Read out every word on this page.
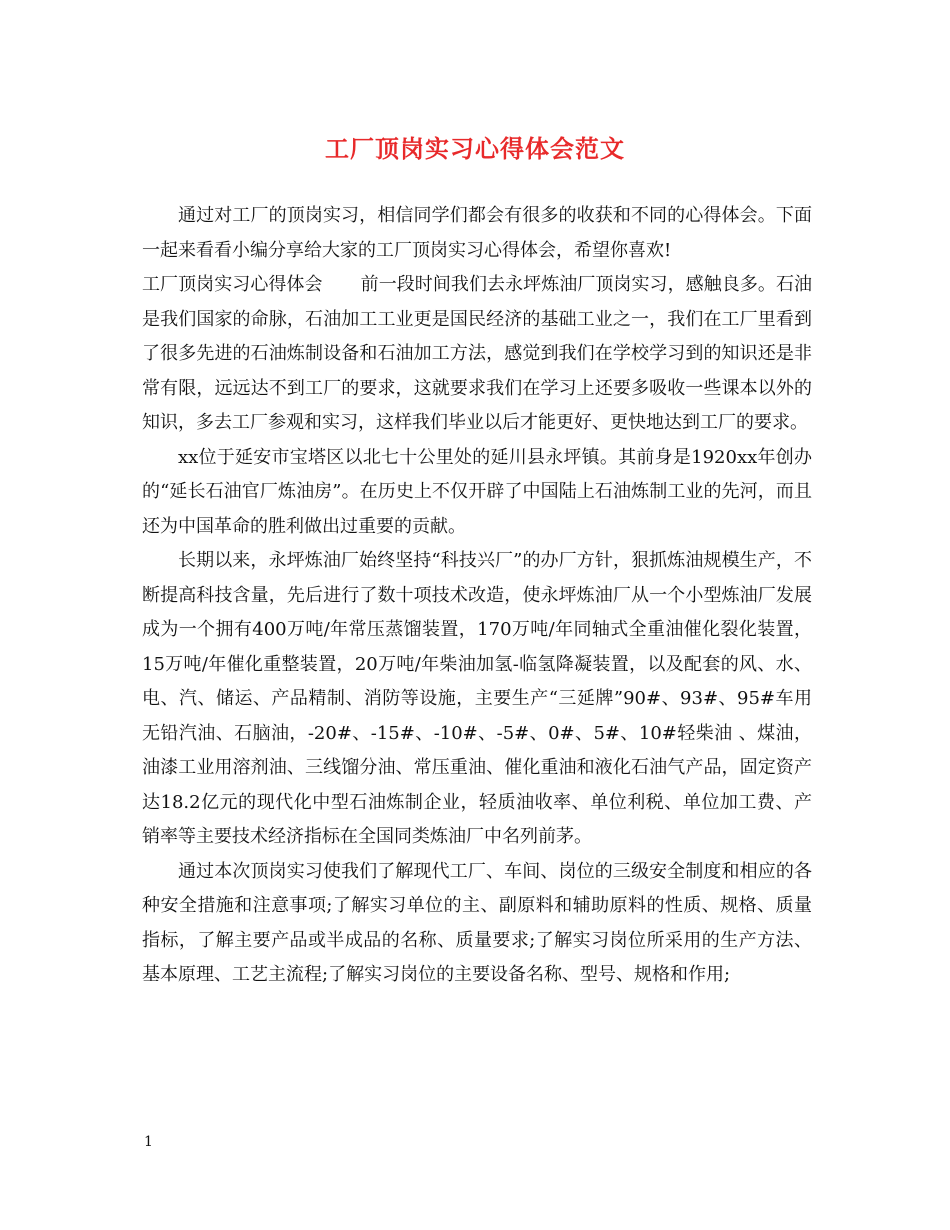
工厂顶岗实习心得体会范文

通过对工厂的顶岗实习，相信同学们都会有很多的收获和不同的心得体会。下面一起来看看小编分享给大家的工厂顶岗实习心得体会，希望你喜欢!

工厂顶岗实习心得体会 前一段时间我们去永坪炼油厂顶岗实习，感触良多。石油是我们国家的命脉，石油加工工业更是国民经济的基础工业之一，我们在工厂里看到了很多先进的石油炼制设备和石油加工方法，感觉到我们在学校学习到的知识还是非常有限，远远达不到工厂的要求，这就要求我们在学习上还要多吸收一些课本以外的知识，多去工厂参观和实习，这样我们毕业以后才能更好、更快地达到工厂的要求。

xx位于延安市宝塔区以北七十公里处的延川县永坪镇。其前身是1920xx年创办的“延长石油官厂炼油房”。在历史上不仅开辟了中国陆上石油炼制工业的先河，而且还为中国革命的胜利做出过重要的贡献。

长期以来，永坪炼油厂始终坚持“科技兴厂”的办厂方针，狠抓炼油规模生产，不断提高科技含量，先后进行了数十项技术改造，使永坪炼油厂从一个小型炼油厂发展成为一个拥有400万吨/年常压蒸馏装置，170万吨/年同轴式全重油催化裂化装置，15万吨/年催化重整装置，20万吨/年柴油加氢-临氢降凝装置，以及配套的风、水、电、汽、储运、产品精制、消防等设施，主要生产“三延牌”90#、93#、95#车用无铅汽油、石脑油，-20#、-15#、-10#、-5#、0#、5#、10#轻柴油 、煤油，油漆工业用溶剂油、三线馏分油、常压重油、催化重油和液化石油气产品，固定资产达18.2亿元的现代化中型石油炼制企业，轻质油收率、单位利税、单位加工费、产销率等主要技术经济指标在全国同类炼油厂中名列前茅。

通过本次顶岗实习使我们了解现代工厂、车间、岗位的三级安全制度和相应的各种安全措施和注意事项;了解实习单位的主、副原料和辅助原料的性质、规格、质量指标，了解主要产品或半成品的名称、质量要求;了解实习岗位所采用的生产方法、基本原理、工艺主流程;了解实习岗位的主要设备名称、型号、规格和作用;

1
